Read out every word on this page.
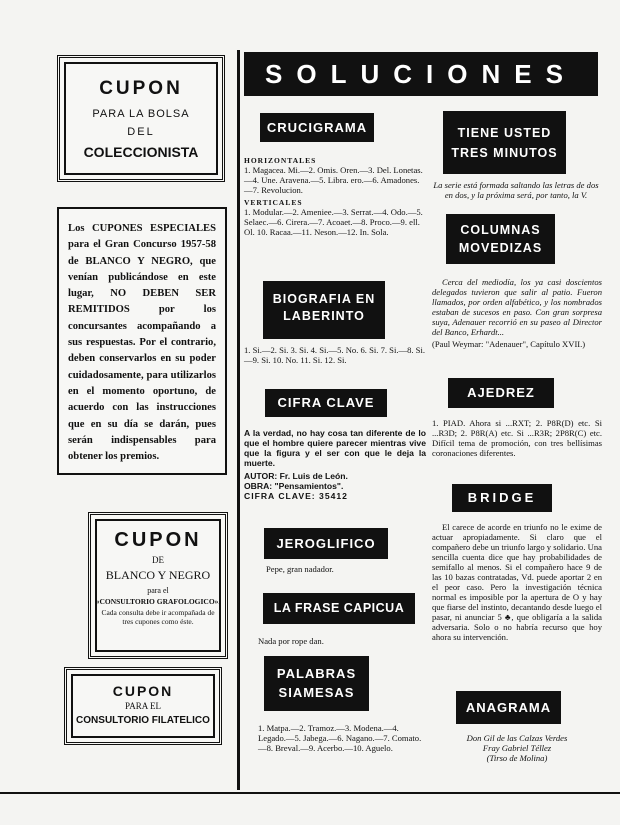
CUPON
PARA LA BOLSA
DEL
COLECCIONISTA
Los CUPONES ESPECIALES para el Gran Concurso 1957-58 de BLANCO Y NEGRO, que venían publicándose en este lugar, NO DEBEN SER REMITIDOS por los concursantes acompañando a sus respuestas. Por el contrario, deben conservarlos en su poder cuidadosamente, para utilizarlos en el momento oportuno, de acuerdo con las instrucciones que en su día se darán, pues serán indispensables para obtener los premios.
CUPON
DE
BLANCO Y NEGRO
para el
«CONSULTORIO GRAFOLOGICO».
Cada consulta debe ir acompañada de tres cupones como éste.
CUPON
PARA EL
CONSULTORIO FILATELICO
SOLUCIONES
CRUCIGRAMA
HORIZONTALES
1. Magacea. Mi.—2. Omis. Oren.—3. Del. Lonetas.—4. Une. Aravena.—5. Libra. ero.—6. Amadones.—7. Revolucion.
VERTICALES
1. Modular.—2. Ameniee.—3. Serrat.—4. Odo.—5. Selaec.—6. Cirera.—7. Acoaet.—8. Proco.—9. ell. Ol. 10. Racaa.—11. Neson.—12. In. Sola.
BIOGRAFIA EN
LABERINTO
1. Si.—2. Si. 3. Si. 4. Si.—5. No. 6. Si. 7. Si.—8. Si.—9. Si. 10. No. 11. Si. 12. Si.
CIFRA CLAVE
A la verdad, no hay cosa tan diferente de lo que el hombre quiere parecer mientras vive que la figura y el ser con que le deja la muerte.
AUTOR: Fr. Luis de León.
OBRA: "Pensamientos".
CIFRA CLAVE: 35412
JEROGLIFICO
Pepe, gran nadador.
LA FRASE CAPICUA
Nada por rope dan.
PALABRAS
SIAMESAS
1. Matpa.—2. Tramoz.—3. Modena.—4. Legado.—5. Jabega.—6. Nagano.—7. Comato.—8. Breval.—9. Acerbo.—10. Aguelo.
TIENE USTED
TRES MINUTOS
La serie está formada saltando las letras de dos en dos, y la próxima será, por tanto, la V.
COLUMNAS
MOVEDIZAS
Cerca del mediodía, los ya casi doscientos delegados tuvieron que salir al patio. Fueron llamados, por orden alfabético, y los nombrados estaban de sucesos en paso. Con gran sorpresa suya, Adenauer recorrió en su paseo al Director del Banco, Erhardt...
(Paul Weymar: "Adenauer", Capítulo XVII.)
AJEDREZ
1. PIAD. Ahora si ...RXT; 2. P8R(D) etc. Si ...R3D; 2. P8R(A) etc. Si ...R3R; 2P8R(C) etc. Difícil tema de promoción, con tres bellísimas coronaciones diferentes.
BRIDGE
El carece de acorde en triunfo no le exime de actuar apropiadamente. Si claro que el compañero debe un triunfo largo y solidario. Una sencilla cuenta dice que hay probabilidades de semifallo al menos. Si el compañero hace 9 de las 10 bazas contratadas, Vd. puede aportar 2 en el peor caso. Pero la investigación técnica normal es imposible por la apertura de O y hay que fiarse del instinto, decantando desde luego el pasar, ni anunciar 5 ♣, que obligaría a la salida adversaria. Solo o no habría recurso que hoy ahora su intervención.
ANAGRAMA
Don Gil de las Calzas Verdes
Fray Gabriel Téllez
(Tirso de Molina)
